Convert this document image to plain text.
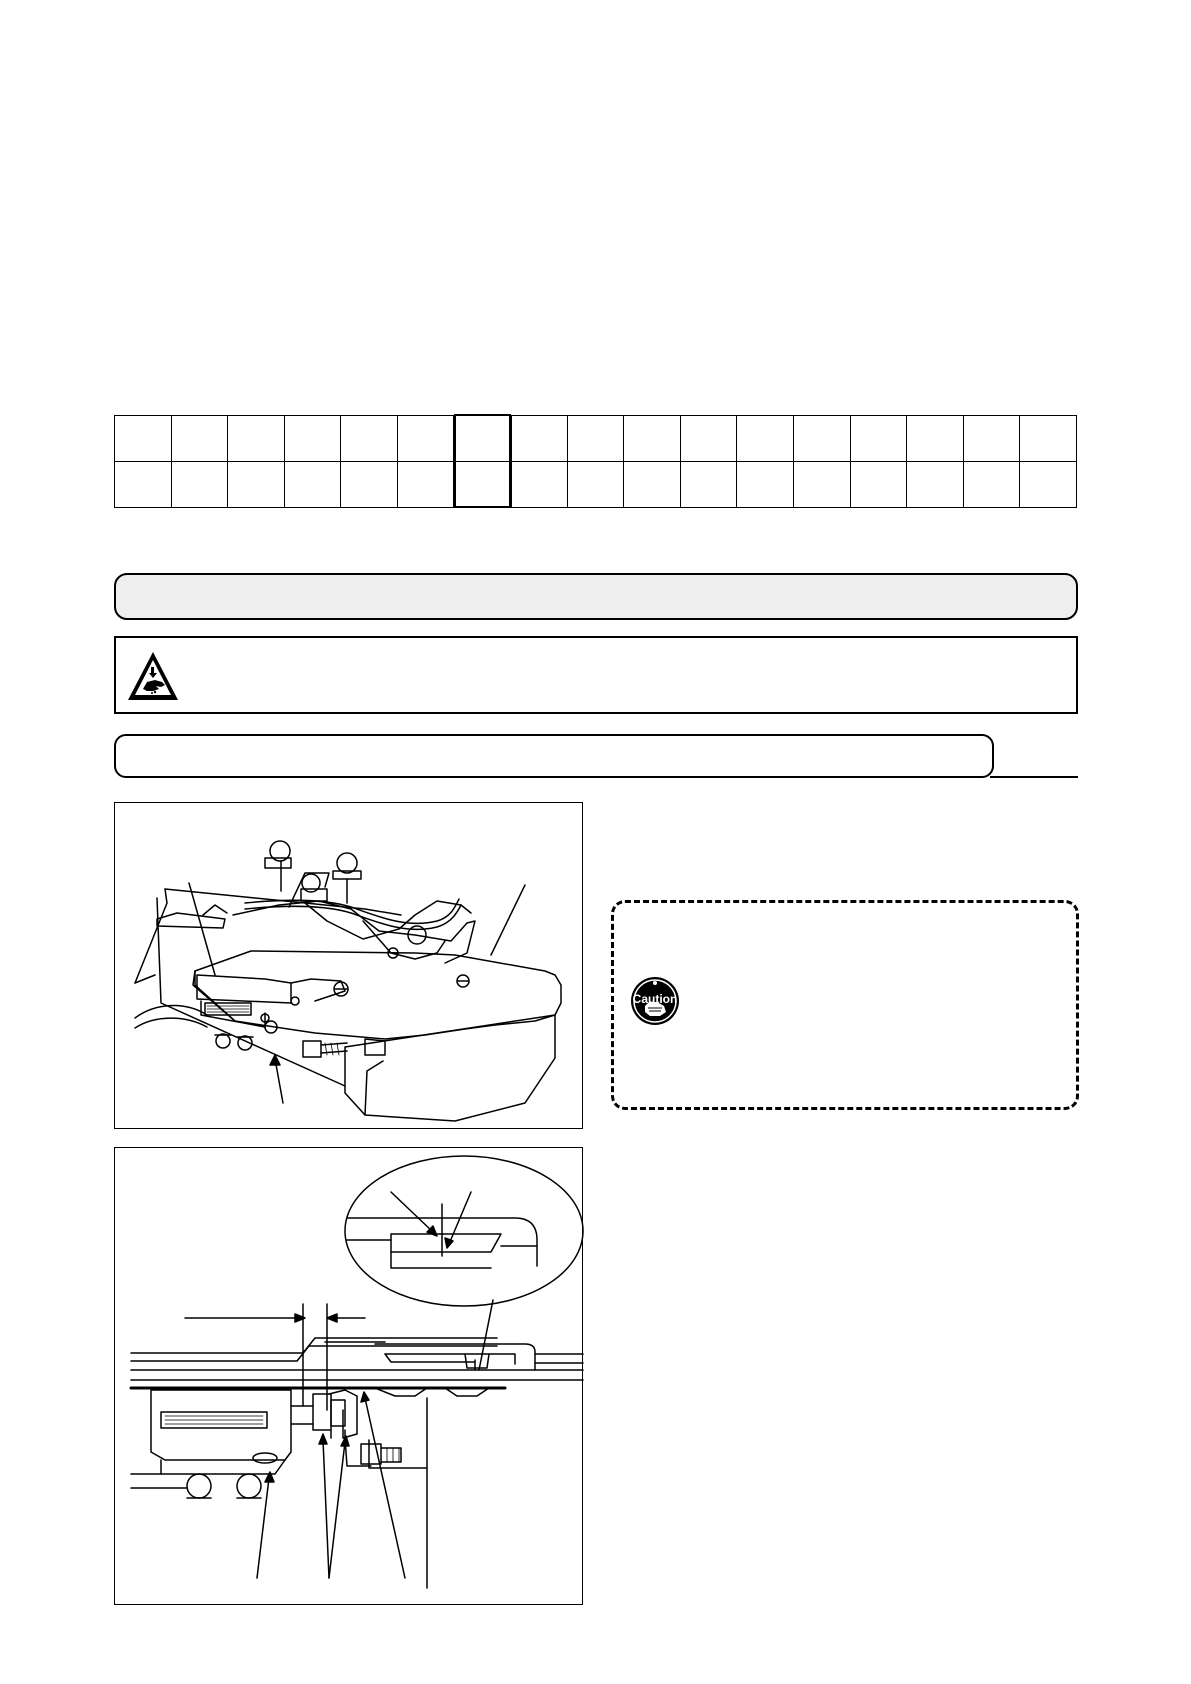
Caution
